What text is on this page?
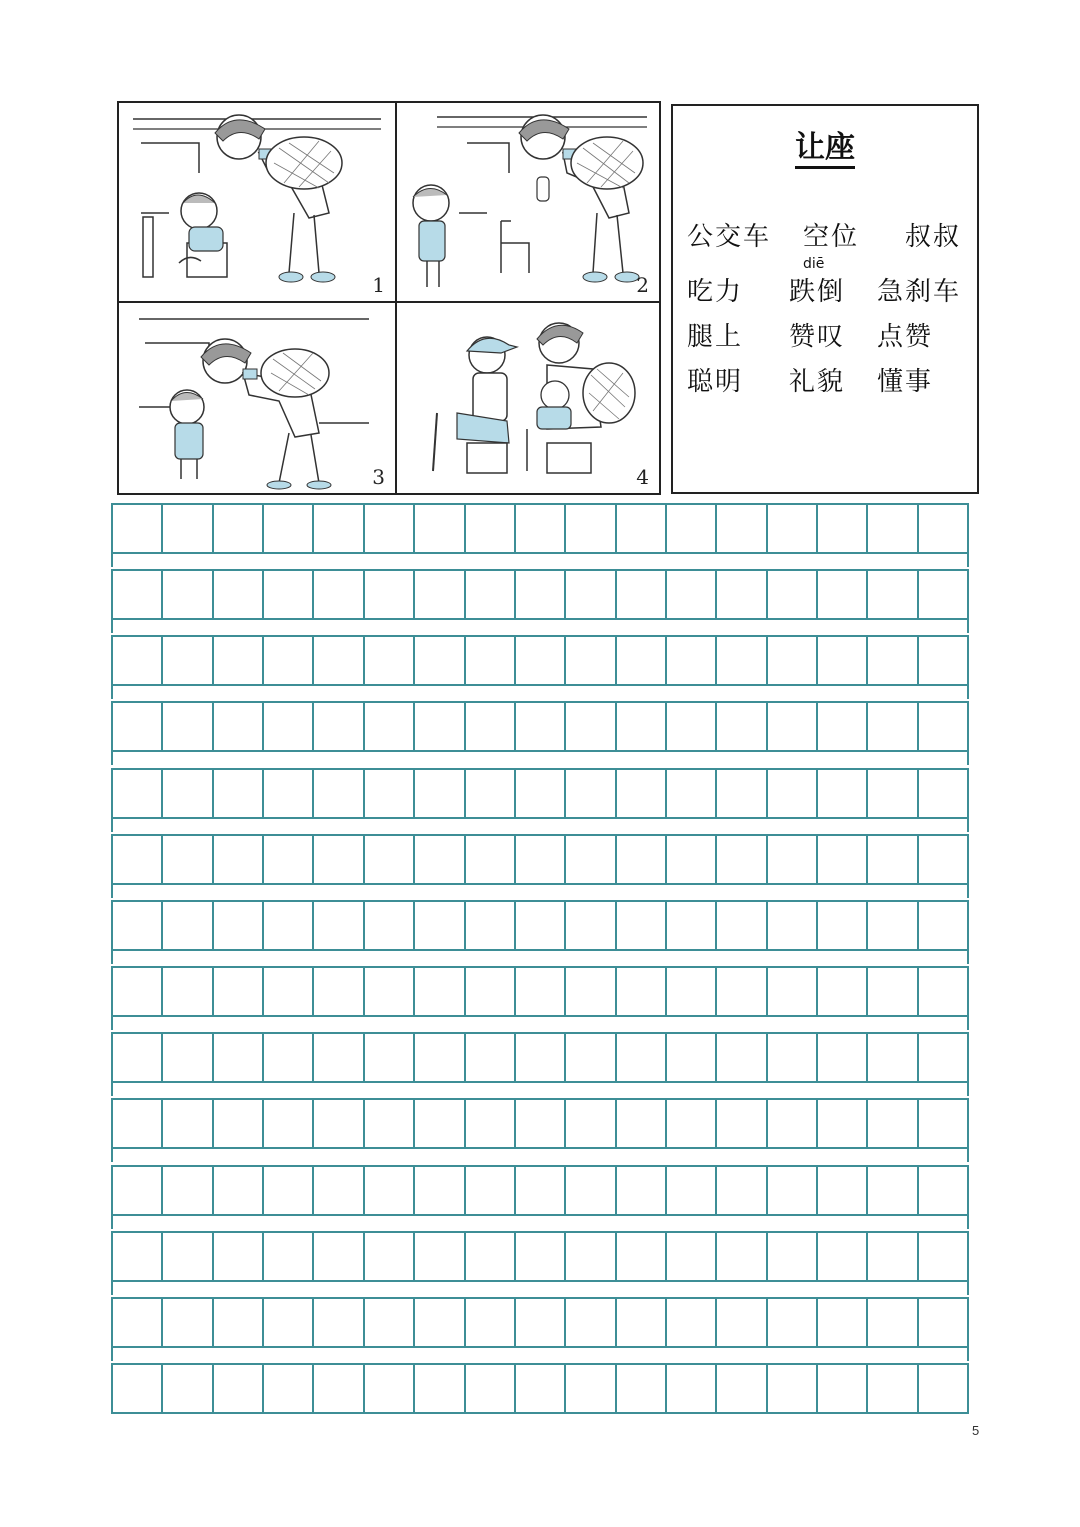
1	2
3	4
让座
公交车 空位 叔叔
diē
吃力 跌倒 急刹车
腿上 赞叹 点赞
聪明 礼貌 懂事
5
